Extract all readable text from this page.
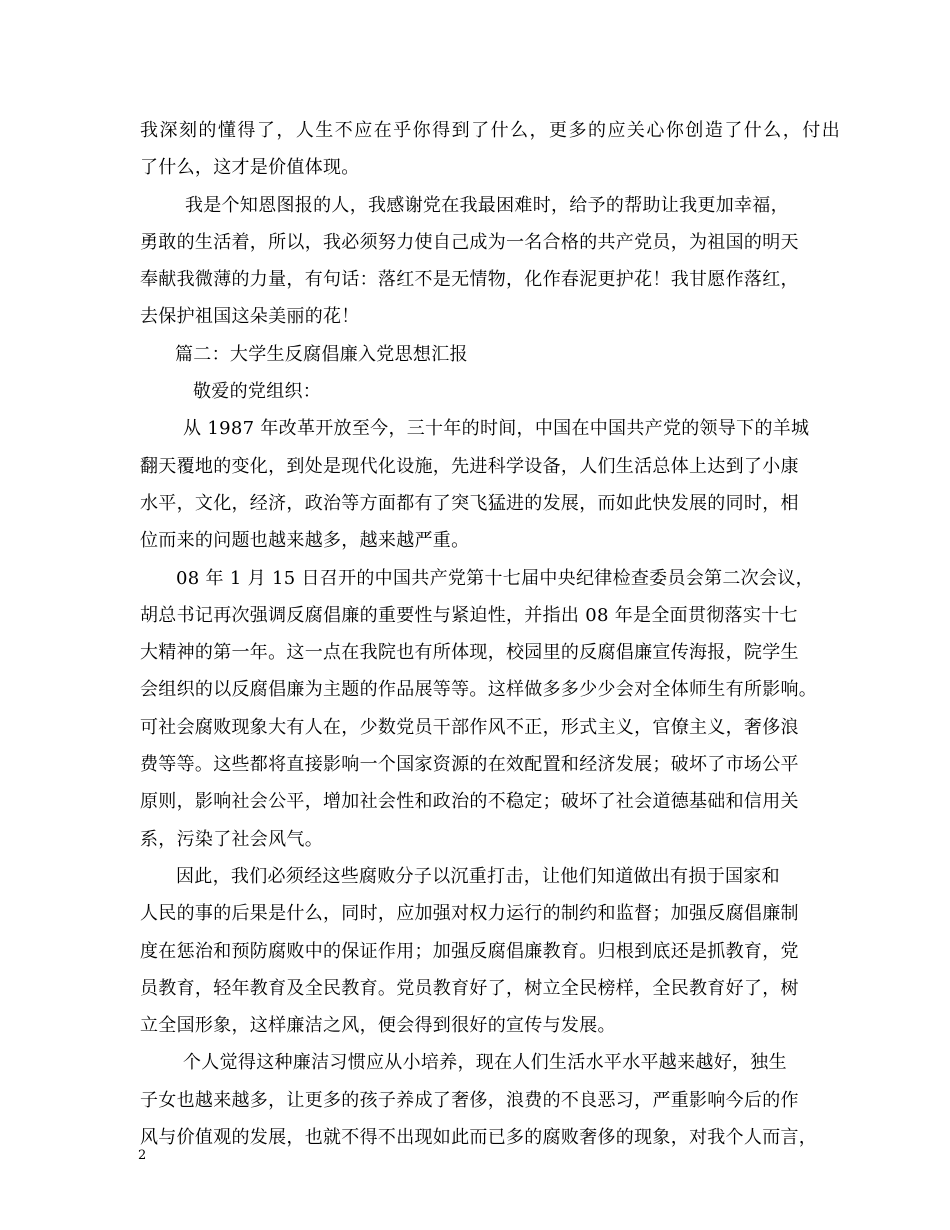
我深刻的懂得了，人生不应在乎你得到了什么，更多的应关心你创造了什么，付出
了什么，这才是价值体现。
我是个知恩图报的人，我感谢党在我最困难时，给予的帮助让我更加幸福，
勇敢的生活着，所以，我必须努力使自己成为一名合格的共产党员，为祖国的明天
奉献我微薄的力量，有句话：落红不是无情物，化作春泥更护花！我甘愿作落红，
去保护祖国这朵美丽的花！
篇二：大学生反腐倡廉入党思想汇报
敬爱的党组织：
从 1987 年改革开放至今，三十年的时间，中国在中国共产党的领导下的羊城
翻天覆地的变化，到处是现代化设施，先进科学设备，人们生活总体上达到了小康
水平，文化，经济，政治等方面都有了突飞猛进的发展，而如此快发展的同时，相
位而来的问题也越来越多，越来越严重。
08 年 1 月 15 日召开的中国共产党第十七届中央纪律检查委员会第二次会议，
胡总书记再次强调反腐倡廉的重要性与紧迫性，并指出 08 年是全面贯彻落实十七
大精神的第一年。这一点在我院也有所体现，校园里的反腐倡廉宣传海报，院学生
会组织的以反腐倡廉为主题的作品展等等。这样做多多少少会对全体师生有所影响。
可社会腐败现象大有人在，少数党员干部作风不正，形式主义，官僚主义，奢侈浪
费等等。这些都将直接影响一个国家资源的在效配置和经济发展；破坏了市场公平
原则，影响社会公平，增加社会性和政治的不稳定；破坏了社会道德基础和信用关
系，污染了社会风气。
因此，我们必须经这些腐败分子以沉重打击，让他们知道做出有损于国家和
人民的事的后果是什么，同时，应加强对权力运行的制约和监督；加强反腐倡廉制
度在惩治和预防腐败中的保证作用；加强反腐倡廉教育。归根到底还是抓教育，党
员教育，轻年教育及全民教育。党员教育好了，树立全民榜样，全民教育好了，树
立全国形象，这样廉洁之风，便会得到很好的宣传与发展。
个人觉得这种廉洁习惯应从小培养，现在人们生活水平水平越来越好，独生
子女也越来越多，让更多的孩子养成了奢侈，浪费的不良恶习，严重影响今后的作
风与价值观的发展，也就不得不出现如此而已多的腐败奢侈的现象，对我个人而言，
2
